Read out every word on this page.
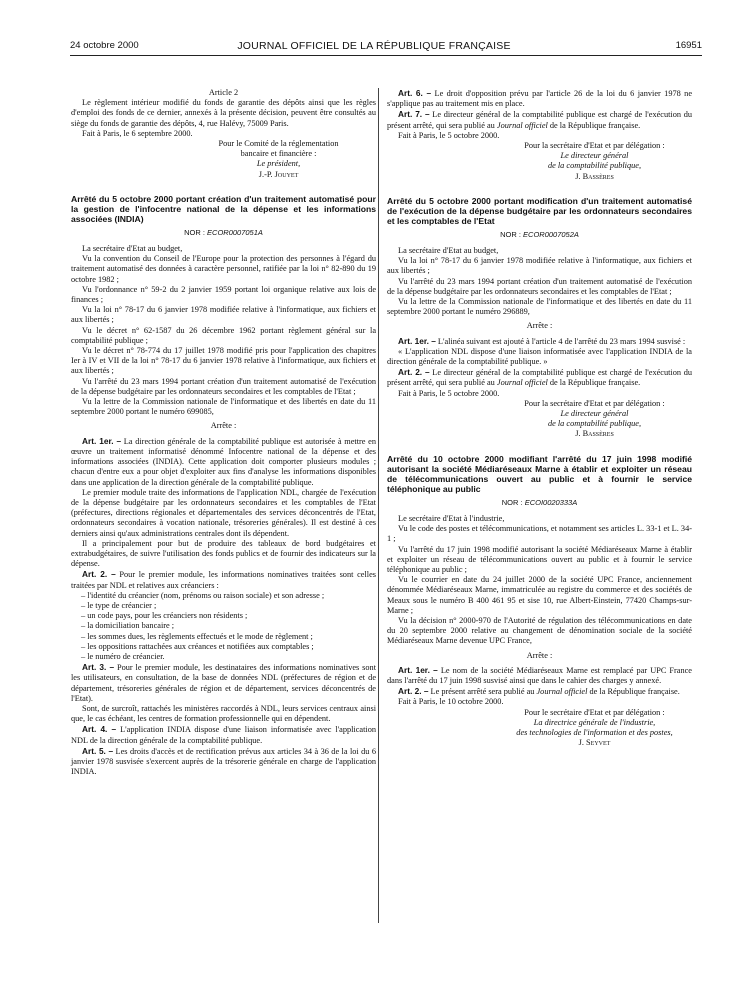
24 octobre 2000	JOURNAL OFFICIEL DE LA RÉPUBLIQUE FRANÇAISE	16951

Article 2

Le règlement intérieur modifié du fonds de garantie des dépôts ainsi que les règles d'emploi des fonds de ce dernier, annexés à la présente décision, peuvent être consultés au siège du fonds de garantie des dépôts, 4, rue Halévy, 75009 Paris.

Fait à Paris, le 6 septembre 2000.

Pour le Comité de la réglementation

bancaire et financière :

Le président,

J.-P. Jouyet

Arrêté du 5 octobre 2000 portant création d'un traitement automatisé pour la gestion de l'infocentre national de la dépense et les informations associées (INDIA)

NOR : ECOR0007051A

La secrétaire d'Etat au budget,

Vu la convention du Conseil de l'Europe pour la protection des personnes à l'égard du traitement automatisé des données à caractère personnel, ratifiée par la loi n° 82-890 du 19 octobre 1982 ;

Vu l'ordonnance n° 59-2 du 2 janvier 1959 portant loi organique relative aux lois de finances ;

Vu la loi n° 78-17 du 6 janvier 1978 modifiée relative à l'informatique, aux fichiers et aux libertés ;

Vu le décret n° 62-1587 du 26 décembre 1962 portant règlement général sur la comptabilité publique ;

Vu le décret n° 78-774 du 17 juillet 1978 modifié pris pour l'application des chapitres Ier à IV et VII de la loi n° 78-17 du 6 janvier 1978 relative à l'informatique, aux fichiers et aux libertés ;

Vu l'arrêté du 23 mars 1994 portant création d'un traitement automatisé de l'exécution de la dépense budgétaire par les ordonnateurs secondaires et les comptables de l'Etat ;

Vu la lettre de la Commission nationale de l'informatique et des libertés en date du 11 septembre 2000 portant le numéro 699085,

Arrête :

Art. 1er. – La direction générale de la comptabilité publique est autorisée à mettre en œuvre un traitement informatisé dénommé Infocentre national de la dépense et des informations associées (INDIA). Cette application doit comporter plusieurs modules ; chacun d'entre eux a pour objet d'exploiter aux fins d'analyse les informations disponibles dans une application de la direction générale de la comptabilité publique.

Le premier module traite des informations de l'application NDL, chargée de l'exécution de la dépense budgétaire par les ordonnateurs secondaires et les comptables de l'Etat (préfectures, directions régionales et départementales des services déconcentrés de l'Etat, ordonnateurs secondaires à vocation nationale, trésoreries générales). Il est destiné à ces derniers ainsi qu'aux administrations centrales dont ils dépendent.

Il a principalement pour but de produire des tableaux de bord budgétaires et extrabudgétaires, de suivre l'utilisation des fonds publics et de fournir des indicateurs sur la dépense.

Art. 2. – Pour le premier module, les informations nominatives traitées sont celles traitées par NDL et relatives aux créanciers :

– l'identité du créancier (nom, prénoms ou raison sociale) et son adresse ;

– le type de créancier ;

– un code pays, pour les créanciers non résidents ;

– la domiciliation bancaire ;

– les sommes dues, les règlements effectués et le mode de règlement ;

– les oppositions rattachées aux créances et notifiées aux comptables ;

– le numéro de créancier.

Art. 3. – Pour le premier module, les destinataires des informations nominatives sont les utilisateurs, en consultation, de la base de données NDL (préfectures de région et de département, trésoreries générales de région et de département, services déconcentrés de l'Etat).

Sont, de surcroît, rattachés les ministères raccordés à NDL, leurs services centraux ainsi que, le cas échéant, les centres de formation professionnelle qui en dépendent.

Art. 4. – L'application INDIA dispose d'une liaison informatisée avec l'application NDL de la direction générale de la comptabilité publique.

Art. 5. – Les droits d'accès et de rectification prévus aux articles 34 à 36 de la loi du 6 janvier 1978 susvisée s'exercent auprès de la trésorerie générale en charge de l'application INDIA.

Art. 6. – Le droit d'opposition prévu par l'article 26 de la loi du 6 janvier 1978 ne s'applique pas au traitement mis en place.

Art. 7. – Le directeur général de la comptabilité publique est chargé de l'exécution du présent arrêté, qui sera publié au Journal officiel de la République française.

Fait à Paris, le 5 octobre 2000.

Pour la secrétaire d'Etat et par délégation :

Le directeur général

de la comptabilité publique,

J. Bassères

Arrêté du 5 octobre 2000 portant modification d'un traitement automatisé de l'exécution de la dépense budgétaire par les ordonnateurs secondaires et les comptables de l'Etat

NOR : ECOR0007052A

La secrétaire d'Etat au budget,

Vu la loi n° 78-17 du 6 janvier 1978 modifiée relative à l'informatique, aux fichiers et aux libertés ;

Vu l'arrêté du 23 mars 1994 portant création d'un traitement automatisé de l'exécution de la dépense budgétaire par les ordonnateurs secondaires et les comptables de l'Etat ;

Vu la lettre de la Commission nationale de l'informatique et des libertés en date du 11 septembre 2000 portant le numéro 296889,

Arrête :

Art. 1er. – L'alinéa suivant est ajouté à l'article 4 de l'arrêté du 23 mars 1994 susvisé :

« L'application NDL dispose d'une liaison informatisée avec l'application INDIA de la direction générale de la comptabilité publique. »

Art. 2. – Le directeur général de la comptabilité publique est chargé de l'exécution du présent arrêté, qui sera publié au Journal officiel de la République française.

Fait à Paris, le 5 octobre 2000.

Pour la secrétaire d'Etat et par délégation :

Le directeur général

de la comptabilité publique,

J. Bassères

Arrêté du 10 octobre 2000 modifiant l'arrêté du 17 juin 1998 modifié autorisant la société Médiaréseaux Marne à établir et exploiter un réseau de télécommunications ouvert au public et à fournir le service téléphonique au public

NOR : ECOI0020333A

Le secrétaire d'Etat à l'industrie,

Vu le code des postes et télécommunications, et notamment ses articles L. 33-1 et L. 34-1 ;

Vu l'arrêté du 17 juin 1998 modifié autorisant la société Médiaréseaux Marne à établir et exploiter un réseau de télécommunications ouvert au public et à fournir le service téléphonique au public ;

Vu le courrier en date du 24 juillet 2000 de la société UPC France, anciennement dénommée Médiaréseaux Marne, immatriculée au registre du commerce et des sociétés de Meaux sous le numéro B 400 461 95 et sise 10, rue Albert-Einstein, 77420 Champs-sur-Marne ;

Vu la décision n° 2000-970 de l'Autorité de régulation des télécommunications en date du 20 septembre 2000 relative au changement de dénomination sociale de la société Médiaréseaux Marne devenue UPC France,

Arrête :

Art. 1er. – Le nom de la société Médiaréseaux Marne est remplacé par UPC France dans l'arrêté du 17 juin 1998 susvisé ainsi que dans le cahier des charges y annexé.

Art. 2. – Le présent arrêté sera publié au Journal officiel de la République française.

Fait à Paris, le 10 octobre 2000.

Pour le secrétaire d'Etat et par délégation :

La directrice générale de l'industrie,

des technologies de l'information et des postes,

J. Seyvet
